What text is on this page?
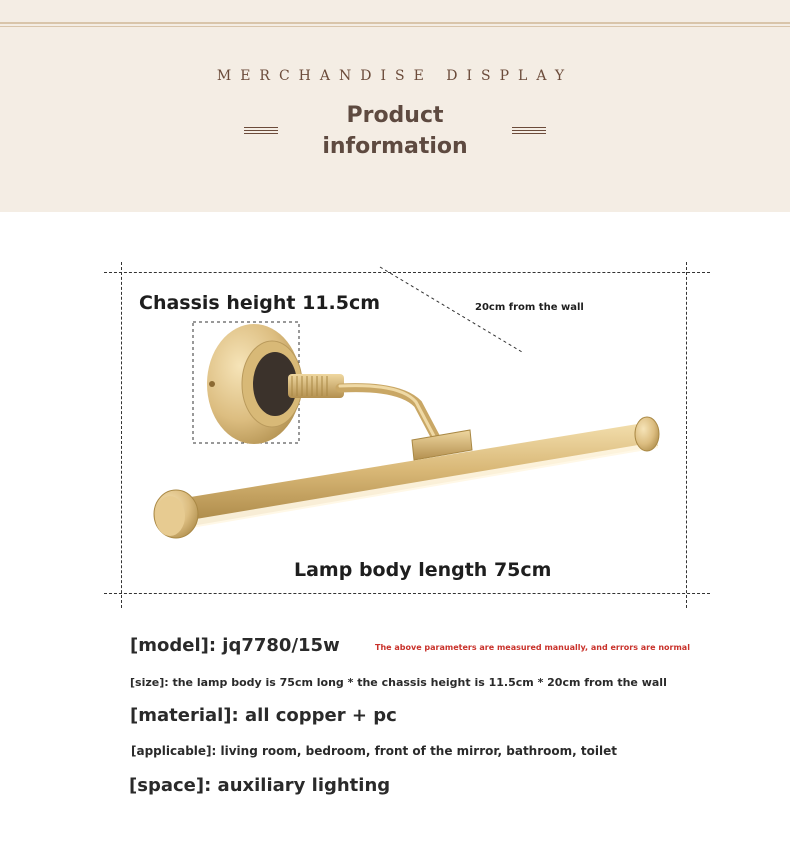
MERCHANDISE DISPLAY
Product
information
Chassis height 11.5cm	20cm from the wall
Lamp body length 75cm
[model]: jq7780/15w	The above parameters are measured manually, and errors are normal
[size]: the lamp body is 75cm long * the chassis height is 11.5cm * 20cm from the wall
[material]: all copper + pc
[applicable]: living room, bedroom, front of the mirror, bathroom, toilet
[space]: auxiliary lighting
